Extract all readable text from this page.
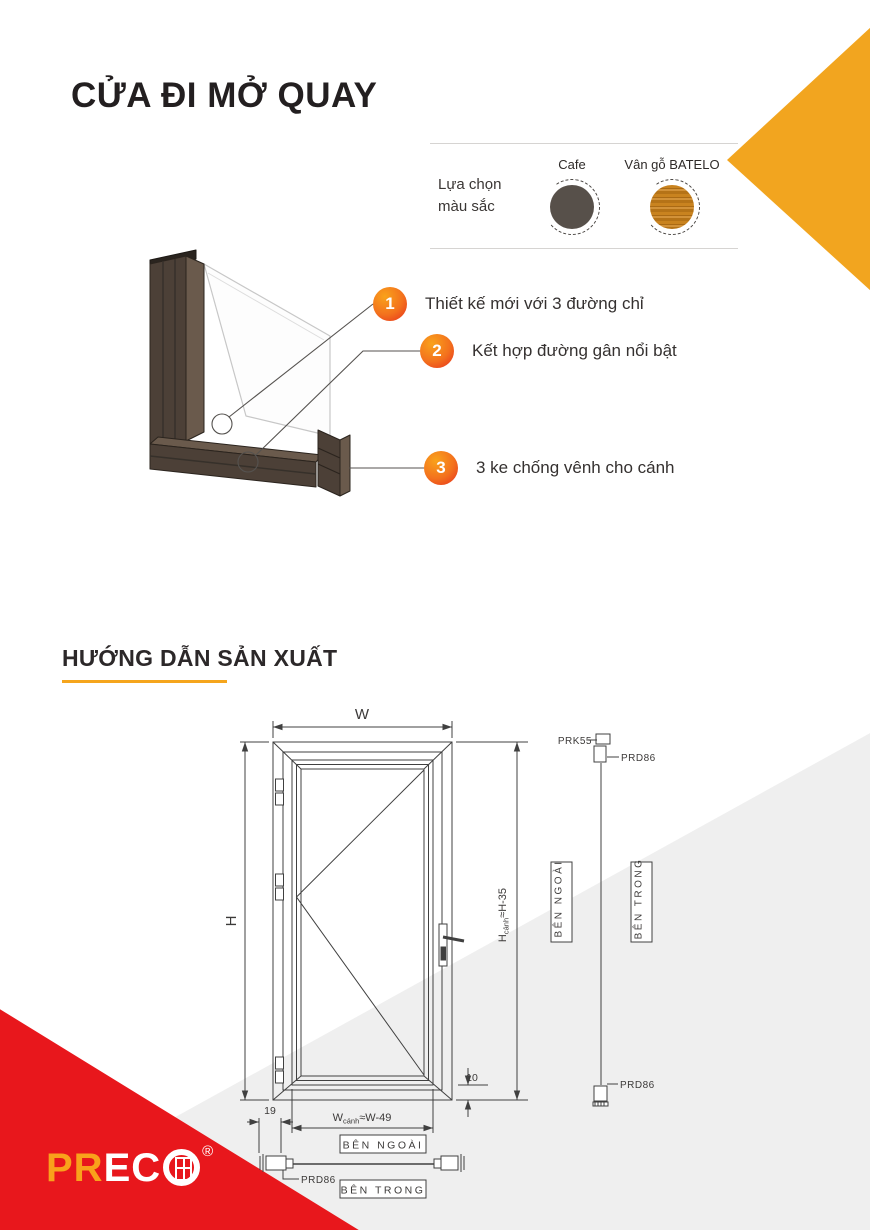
CỬA ĐI MỞ QUAY
Lựa chọn
màu sắc
Cafe	Vân gỗ BATELO
1	Thiết kế mới với 3 đường chỉ
2	Kết hợp đường gân nổi bật
3	3 ke chống vênh cho cánh
HƯỚNG DẪN SẢN XUẤT
W
H
$H_{cánh}\approx H-35$
$W_{cánh}\approx W-49$
10
19
PRK55
PRD86
PRD86
PRD86
BÊN NGOÀI	BÊN TRONG
BÊN NGOÀI
BÊN TRONG
PR EC	®
